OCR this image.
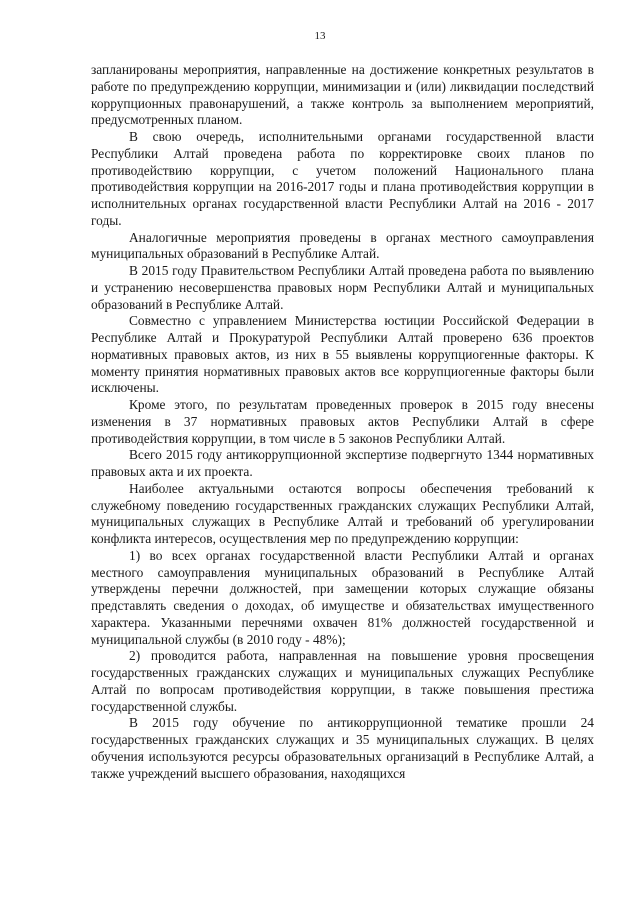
13

запланированы мероприятия, направленные на достижение конкретных результатов в работе по предупреждению коррупции, минимизации и (или) ликвидации последствий коррупционных правонарушений, а также контроль за выполнением мероприятий, предусмотренных планом.

В свою очередь, исполнительными органами государственной власти Республики Алтай проведена работа по корректировке своих планов по противодействию коррупции, с учетом положений Национального плана противодействия коррупции на 2016-2017 годы и плана противодействия коррупции в исполнительных органах государственной власти Республики Алтай на 2016 - 2017 годы.

Аналогичные мероприятия проведены в органах местного самоуправления муниципальных образований в Республике Алтай.

В 2015 году Правительством Республики Алтай проведена работа по выявлению и устранению несовершенства правовых норм Республики Алтай и муниципальных образований в Республике Алтай.

Совместно с управлением Министерства юстиции Российской Федерации в Республике Алтай и Прокуратурой Республики Алтай проверено 636 проектов нормативных правовых актов, из них в 55 выявлены коррупциогенные факторы. К моменту принятия нормативных правовых актов все коррупциогенные факторы были исключены.

Кроме этого, по результатам проведенных проверок в 2015 году внесены изменения в 37 нормативных правовых актов Республики Алтай в сфере противодействия коррупции, в том числе в 5 законов Республики Алтай.

Всего 2015 году антикоррупционной экспертизе подвергнуто 1344 нормативных правовых акта и их проекта.

Наиболее актуальными остаются вопросы обеспечения требований к служебному поведению государственных гражданских служащих Республики Алтай, муниципальных служащих в Республике Алтай и требований об урегулировании конфликта интересов, осуществления мер по предупреждению коррупции:

1) во всех органах государственной власти Республики Алтай и органах местного самоуправления муниципальных образований в Республике Алтай утверждены перечни должностей, при замещении которых служащие обязаны представлять сведения о доходах, об имуществе и обязательствах имущественного характера. Указанными перечнями охвачен 81% должностей государственной и муниципальной службы (в 2010 году - 48%);

2) проводится работа, направленная на повышение уровня просвещения государственных гражданских служащих и муниципальных служащих Республике Алтай по вопросам противодействия коррупции, в также повышения престижа государственной службы.

В 2015 году обучение по антикоррупционной тематике прошли 24 государственных гражданских служащих и 35 муниципальных служащих. В целях обучения используются ресурсы образовательных организаций в Республике Алтай, а также учреждений высшего образования, находящихся
